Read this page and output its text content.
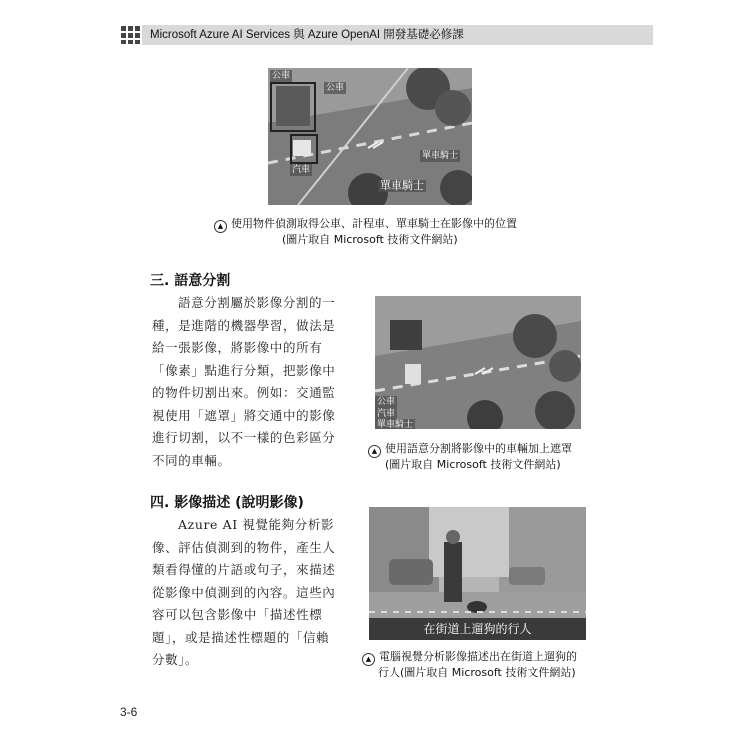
Microsoft Azure AI Services 與 Azure OpenAI 開發基礎必修課
公車
公車
汽車
單車騎士
單車騎士
▲ 使用物件偵測取得公車、計程車、單車騎士在影像中的位置
(圖片取自 Microsoft 技術文件網站)
三. 語意分割
語意分割屬於影像分割的一
種，是進階的機器學習，做法是
給一張影像，將影像中的所有
「像素」點進行分類，把影像中
的物件切割出來。例如：交通監
視使用「遮罩」將交通中的影像
進行切割，以不一樣的色彩區分
不同的車輛。
公車
汽車
單車騎士
▲ 使用語意分割將影像中的車輛加上遮罩
(圖片取自 Microsoft 技術文件網站)
四. 影像描述 (說明影像)
Azure AI 視覺能夠分析影
像、評估偵測到的物件，產生人
類看得懂的片語或句子，來描述
從影像中偵測到的內容。這些內
容可以包含影像中「描述性標
題」，或是描述性標題的「信賴
分數」。
在街道上遛狗的行人
▲ 電腦視覺分析影像描述出在街道上遛狗的
行人(圖片取自 Microsoft 技術文件網站)
3-6
